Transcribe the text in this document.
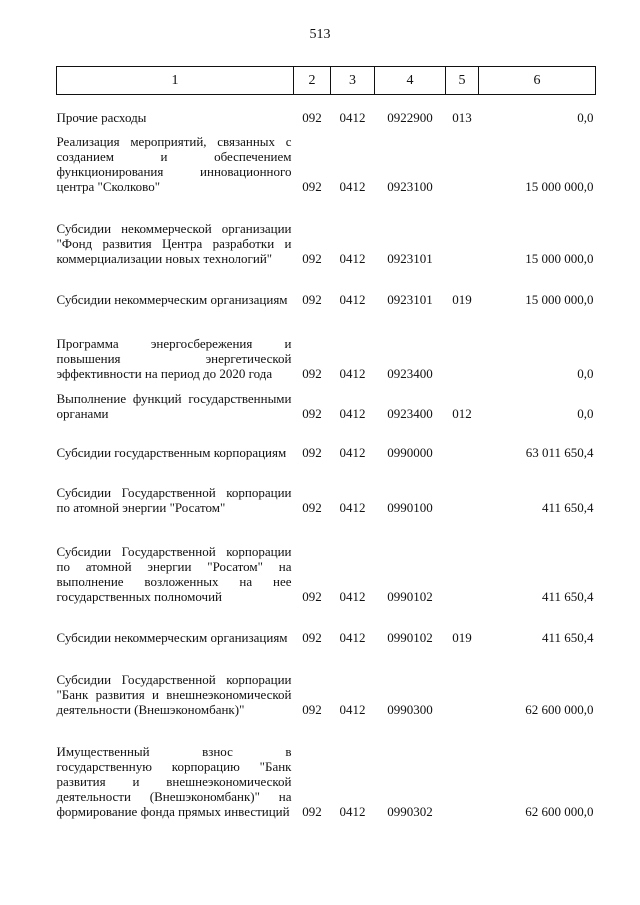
513
1	2	3	4	5	6
Прочие расходы	092	0412	0922900	013	0,0
Реализация мероприятий, связанных с созданием и обеспечением функционирования инновационного центра "Сколково"	092	0412	0923100		15 000 000,0
Субсидии некоммерческой организации "Фонд развития Центра разработки и коммерциализации новых технологий"	092	0412	0923101		15 000 000,0
Субсидии некоммерческим организациям	092	0412	0923101	019	15 000 000,0
Программа энергосбережения и повышения энергетической эффективности на период до 2020 года	092	0412	0923400		0,0
Выполнение функций государственными органами	092	0412	0923400	012	0,0
Субсидии государственным корпорациям	092	0412	0990000		63 011 650,4
Субсидии Государственной корпорации по атомной энергии "Росатом"	092	0412	0990100		411 650,4
Субсидии Государственной корпорации по атомной энергии "Росатом" на выполнение возложенных на нее государственных полномочий	092	0412	0990102		411 650,4
Субсидии некоммерческим организациям	092	0412	0990102	019	411 650,4
Субсидии Государственной корпорации "Банк развития и внешнеэкономической деятельности (Внешэкономбанк)"	092	0412	0990300		62 600 000,0
Имущественный взнос в государственную корпорацию "Банк развития и внешнеэкономической деятельности (Внешэкономбанк)" на формирование фонда прямых инвестиций	092	0412	0990302		62 600 000,0
